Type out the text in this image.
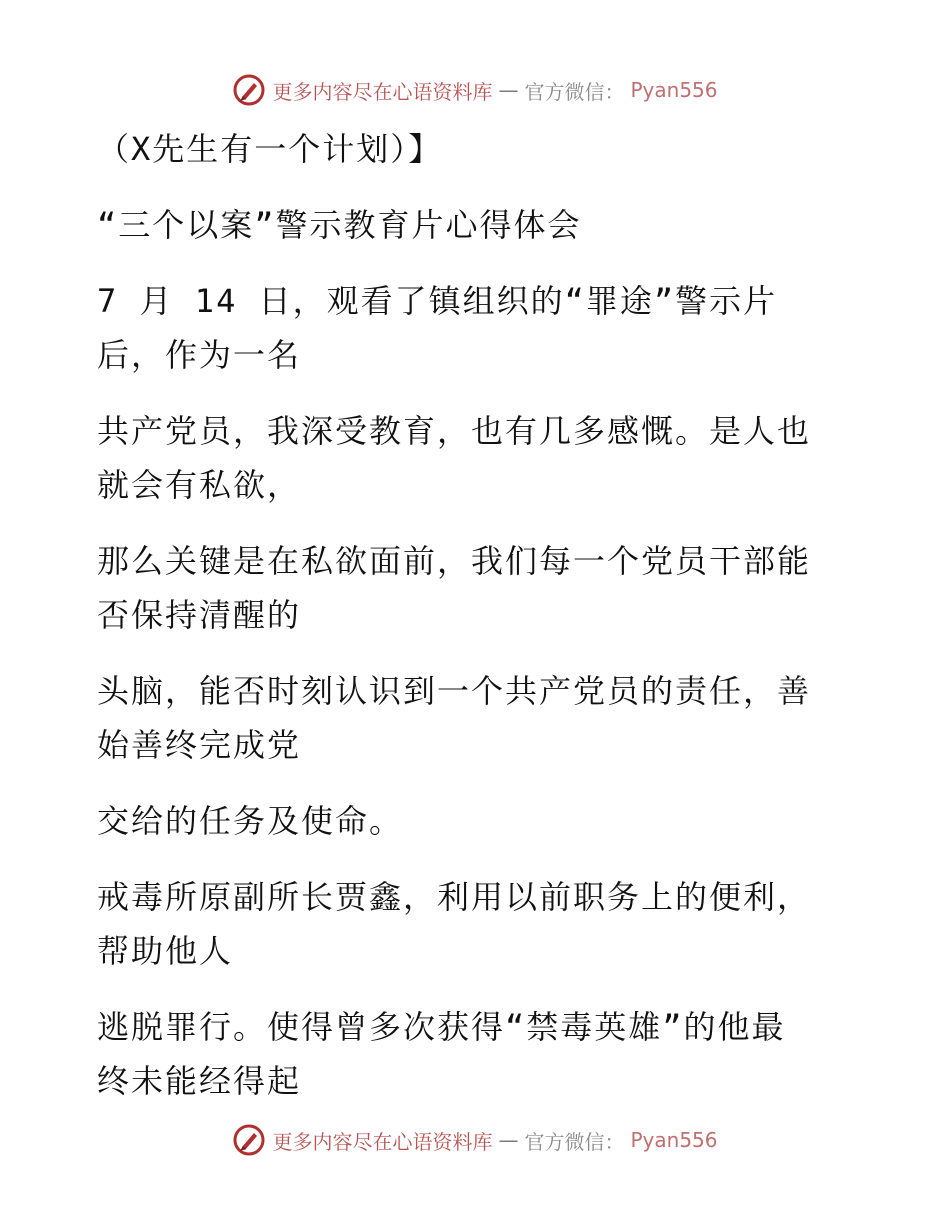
更多内容尽在心语资料库 — 官方微信： Pyan556
（X先生有一个计划）】
“三个以案”警示教育片心得体会
7 月 14 日，观看了镇组织的“罪途”警示片
后，作为一名
共产党员，我深受教育，也有几多感慨。是人也
就会有私欲，
那么关键是在私欲面前，我们每一个党员干部能
否保持清醒的
头脑，能否时刻认识到一个共产党员的责任，善
始善终完成党
交给的任务及使命。
戒毒所原副所长贾鑫，利用以前职务上的便利，
帮助他人
逃脱罪行。使得曾多次获得“禁毒英雄”的他最
终未能经得起
更多内容尽在心语资料库 — 官方微信： Pyan556
